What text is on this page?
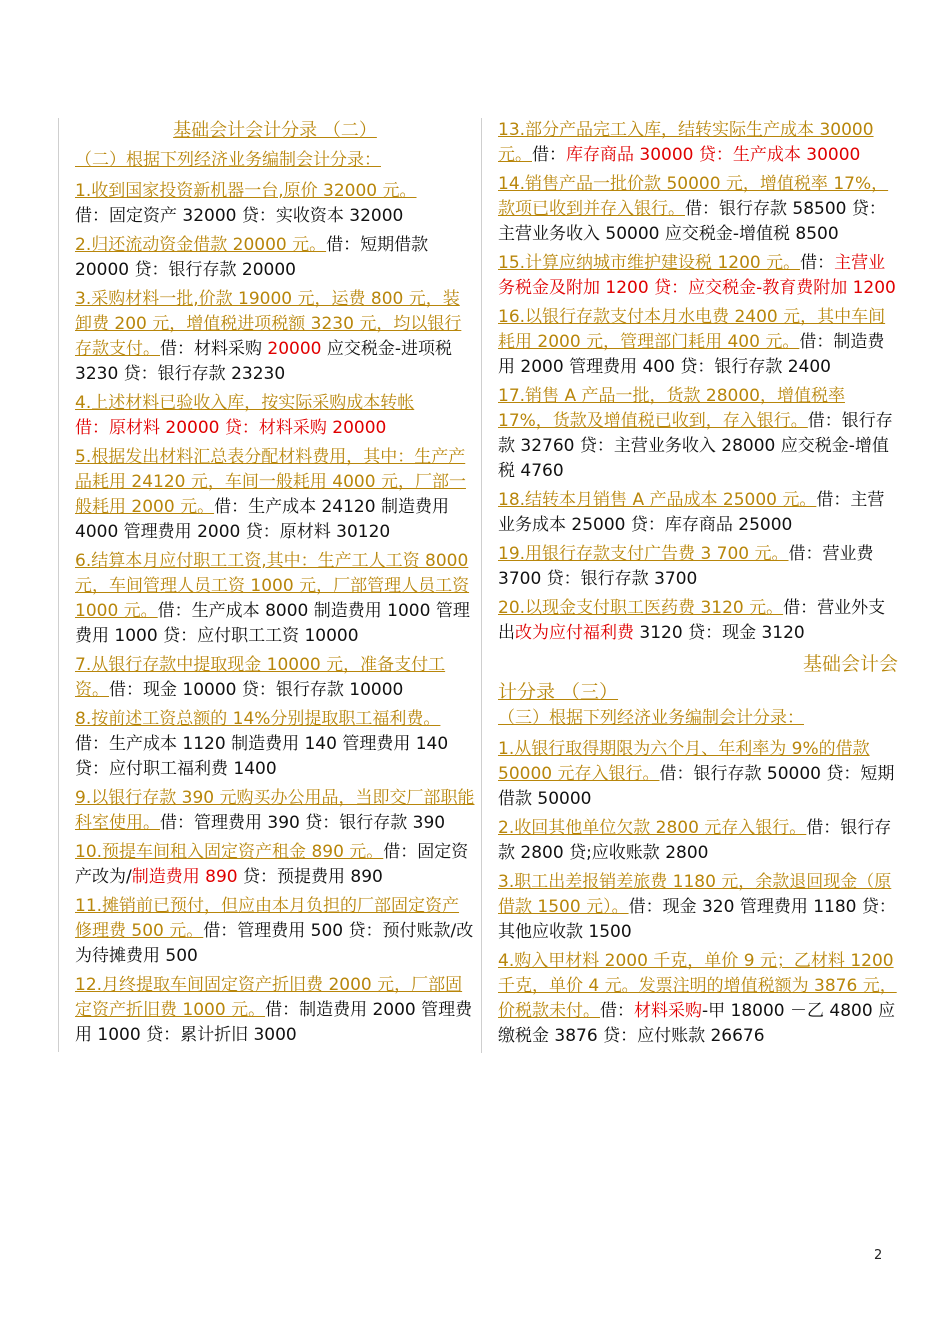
基础会计会计分录 （二）
（二）根据下列经济业务编制会计分录：
1.收到国家投资新机器一台,原价 32000 元。
借：固定资产 32000 贷：实收资本 32000
2.归还流动资金借款 20000 元。借：短期借款 20000 贷：银行存款 20000
3.采购材料一批,价款 19000 元，运费 800 元，装卸费 200 元，增值税进项税额 3230 元，均以银行存款支付。借：材料采购 20000 应交税金-进项税 3230 贷：银行存款 23230
4.上述材料已验收入库，按实际采购成本转帐
借：原材料 20000 贷：材料采购 20000
5.根据发出材料汇总表分配材料费用，其中：生产产品耗用 24120 元，车间一般耗用 4000 元，厂部一般耗用 2000 元。借：生产成本 24120 制造费用 4000 管理费用 2000 贷：原材料 30120
6.结算本月应付职工工资,其中：生产工人工资 8000 元，车间管理人员工资 1000 元，厂部管理人员工资 1000 元。借：生产成本 8000 制造费用 1000 管理费用 1000 贷：应付职工工资 10000
7.从银行存款中提取现金 10000 元，准备支付工资。借：现金 10000 贷：银行存款 10000
8.按前述工资总额的 14%分别提取职工福利费。
借：生产成本 1120 制造费用 140 管理费用 140 贷：应付职工福利费 1400
9.以银行存款 390 元购买办公用品，当即交厂部职能科室使用。借：管理费用 390 贷：银行存款 390
10.预提车间租入固定资产租金 890 元。借：固定资产改为/制造费用 890 贷：预提费用 890
11.摊销前已预付，但应由本月负担的厂部固定资产修理费 500 元。借：管理费用 500 贷：预付账款/改为待摊费用 500
12.月终提取车间固定资产折旧费 2000 元，厂部固定资产折旧费 1000 元。借：制造费用 2000 管理费用 1000 贷：累计折旧 3000
13.部分产品完工入库，结转实际生产成本 30000 元。借：库存商品 30000 贷：生产成本 30000
14.销售产品一批价款 50000 元，增值税率 17%，款项已收到并存入银行。借：银行存款 58500 贷：主营业务收入 50000 应交税金-增值税 8500
15.计算应纳城市维护建设税 1200 元。借：主营业务税金及附加 1200 贷：应交税金-教育费附加 1200
16.以银行存款支付本月水电费 2400 元，其中车间耗用 2000 元，管理部门耗用 400 元。借：制造费用 2000 管理费用 400 贷：银行存款 2400
17.销售 A 产品一批，货款 28000，增值税率 17%，货款及增值税已收到，存入银行。借：银行存款 32760 贷：主营业务收入 28000 应交税金-增值税 4760
18.结转本月销售 A 产品成本 25000 元。借：主营业务成本 25000 贷：库存商品 25000
19.用银行存款支付广告费 3 700 元。借：营业费 3700 贷：银行存款 3700
20.以现金支付职工医药费 3120 元。借：营业外支出改为应付福利费 3120 贷：现金 3120
基础会计会
计分录 （三）
（三）根据下列经济业务编制会计分录：
1.从银行取得期限为六个月、年利率为 9%的借款 50000 元存入银行。借：银行存款 50000 贷：短期借款 50000
2.收回其他单位欠款 2800 元存入银行。借：银行存款 2800 贷;应收账款 2800
3.职工出差报销差旅费 1180 元，余款退回现金（原借款 1500 元）。借：现金 320 管理费用 1180 贷：其他应收款 1500
4.购入甲材料 2000 千克，单价 9 元；乙材料 1200 千克，单价 4 元。发票注明的增值税额为 3876 元，价税款未付。借：材料采购-甲 18000 －乙 4800 应缴税金 3876 贷：应付账款 26676
2
